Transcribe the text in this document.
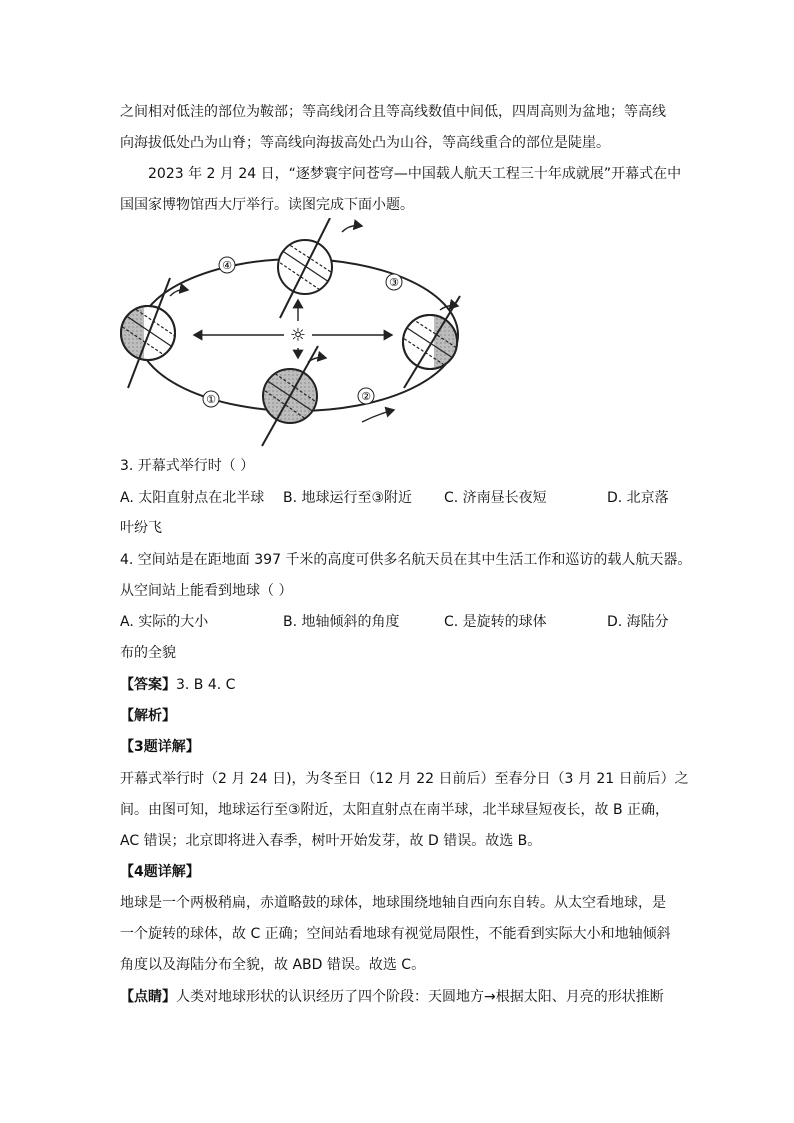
之间相对低洼的部位为鞍部；等高线闭合且等高线数值中间低，四周高则为盆地；等高线
向海拔低处凸为山脊；等高线向海拔高处凸为山谷，等高线重合的部位是陡崖。
2023 年 2 月 24 日，“逐梦寰宇问苍穹—中国载人航天工程三十年成就展”开幕式在中
国国家博物馆西大厅举行。读图完成下面小题。
☼
④
③
②
①
3. 开幕式举行时（ ）
A. 太阳直射点在北半球 B. 地球运行至③附近 C. 济南昼长夜短	D. 北京落
叶纷飞
4. 空间站是在距地面 397 千米的高度可供多名航天员在其中生活工作和巡访的载人航天器。
从空间站上能看到地球（ ）
A. 实际的大小	B. 地轴倾斜的角度	C. 是旋转的球体	D. 海陆分
布的全貌
【答案】3. B 4. C
【解析】
【3题详解】
开幕式举行时（2 月 24 日)，为冬至日（12 月 22 日前后）至春分日（3 月 21 日前后）之
间。由图可知，地球运行至③附近，太阳直射点在南半球，北半球昼短夜长，故 B 正确，
AC 错误；北京即将进入春季，树叶开始发芽，故 D 错误。故选 B。
【4题详解】
地球是一个两极稍扁，赤道略鼓的球体，地球围绕地轴自西向东自转。从太空看地球，是
一个旋转的球体，故 C 正确；空间站看地球有视觉局限性，不能看到实际大小和地轴倾斜
角度以及海陆分布全貌，故 ABD 错误。故选 C。
【点睛】人类对地球形状的认识经历了四个阶段：天圆地方→根据太阳、月亮的形状推断
